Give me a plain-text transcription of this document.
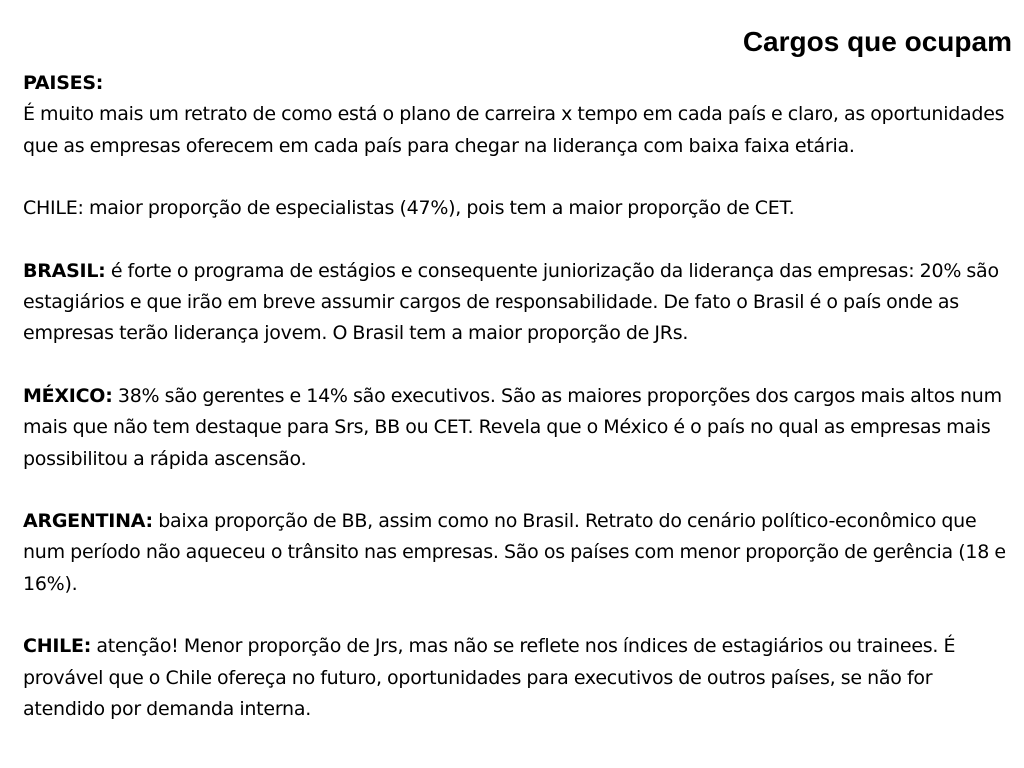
Cargos que ocupam

PAISES:

É muito mais um retrato de como está o plano de carreira x tempo em cada país e claro, as oportunidades que as empresas oferecem em cada país para chegar na liderança com baixa faixa etária.

CHILE: maior proporção de especialistas (47%), pois tem a maior proporção de CET.

BRASIL: é forte o programa de estágios e consequente juniorização da liderança das empresas: 20% são estagiários e que irão em breve assumir cargos de responsabilidade. De fato o Brasil é o país onde as empresas terão liderança jovem. O Brasil tem a maior proporção de JRs.

MÉXICO: 38% são gerentes e 14% são executivos. São as maiores proporções dos cargos mais altos num mais que não tem destaque para Srs, BB ou CET. Revela que o México é o país no qual as empresas mais possibilitou a rápida ascensão.

ARGENTINA: baixa proporção de BB, assim como no Brasil. Retrato do cenário político-econômico que num período não aqueceu o trânsito nas empresas. São os países com menor proporção de gerência (18 e 16%).

CHILE: atenção! Menor proporção de Jrs, mas não se reflete nos índices de estagiários ou trainees. É provável que o Chile ofereça no futuro, oportunidades para executivos de outros países, se não for atendido por demanda interna.
